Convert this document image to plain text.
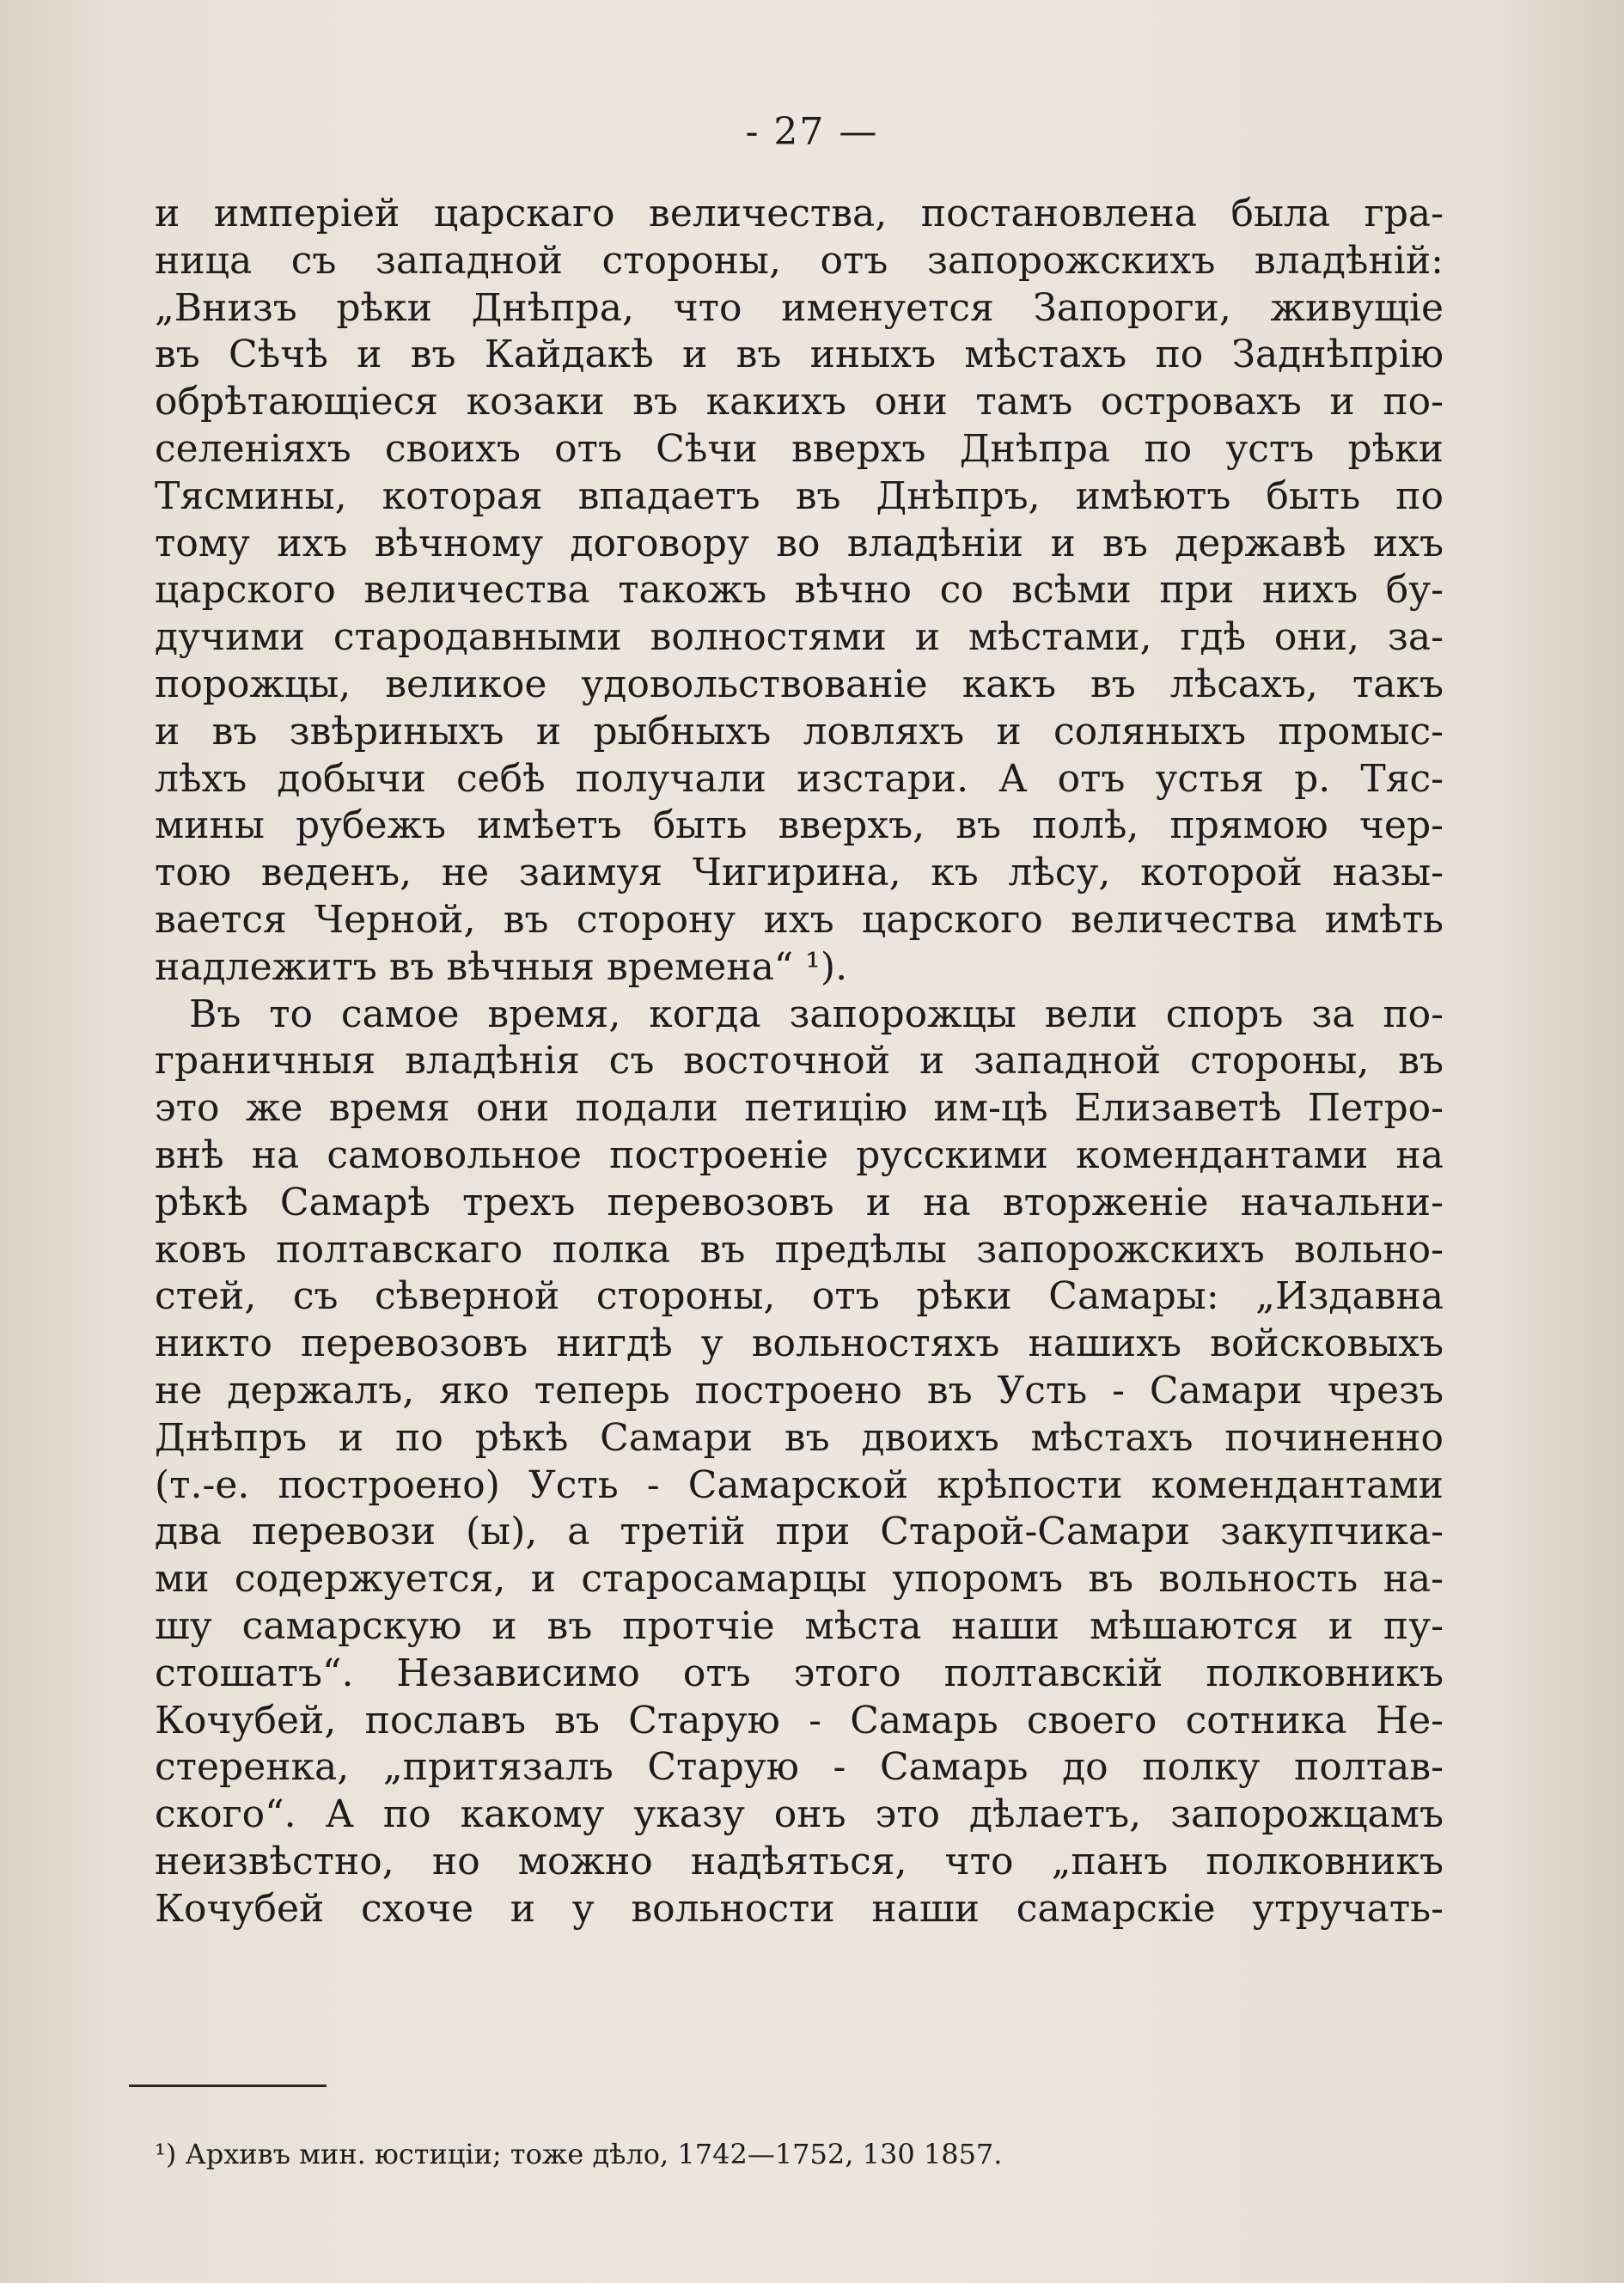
- 27 —
и имперіей царскаго величества, постановлена была гра-
ница съ западной стороны, отъ запорожскихъ владѣній:
„Внизъ рѣки Днѣпра, что именуется Запороги, живущіе
въ Сѣчѣ и въ Кайдакѣ и въ иныхъ мѣстахъ по Заднѣпрію
обрѣтающіеся козаки въ какихъ они тамъ островахъ и по-
селеніяхъ своихъ отъ Сѣчи вверхъ Днѣпра по устъ рѣки
Тясмины, которая впадаетъ въ Днѣпръ, имѣютъ быть по
тому ихъ вѣчному договору во владѣніи и въ державѣ ихъ
царского величества такожъ вѣчно со всѣми при нихъ бу-
дучими стародавными волностями и мѣстами, гдѣ они, за-
порожцы, великое удовольствованіе какъ въ лѣсахъ, такъ
и въ звѣриныхъ и рыбныхъ ловляхъ и соляныхъ промыс-
лѣхъ добычи себѣ получали изстари. А отъ устья р. Тяс-
мины рубежъ имѣетъ быть вверхъ, въ полѣ, прямою чер-
тою веденъ, не заимуя Чигирина, къ лѣсу, которой назы-
вается Черной, въ сторону ихъ царского величества имѣть
надлежитъ въ вѣчныя времена“ ¹).
Въ то самое время, когда запорожцы вели споръ за по-
граничныя владѣнія съ восточной и западной стороны, въ
это же время они подали петицію им-цѣ Елизаветѣ Петро-
внѣ на самовольное построеніе русскими комендантами на
рѣкѣ Самарѣ трехъ перевозовъ и на вторженіе начальни-
ковъ полтавскаго полка въ предѣлы запорожскихъ вольно-
стей, съ сѣверной стороны, отъ рѣки Самары: „Издавна
никто перевозовъ нигдѣ у вольностяхъ нашихъ войсковыхъ
не держалъ, яко теперь построено въ Усть - Самари чрезъ
Днѣпръ и по рѣкѣ Самари въ двоихъ мѣстахъ починенно
(т.-е. построено) Усть - Самарской крѣпости комендантами
два перевози (ы), а третій при Старой-Самари закупчика-
ми содержуется, и старосамарцы упоромъ въ вольность на-
шу самарскую и въ протчіе мѣста наши мѣшаются и пу-
стошатъ“. Независимо отъ этого полтавскій полковникъ
Кочубей, пославъ въ Старую - Самарь своего сотника Не-
стеренка, „притязалъ Старую - Самарь до полку полтав-
ского“. А по какому указу онъ это дѣлаетъ, запорожцамъ
неизвѣстно, но можно надѣяться, что „панъ полковникъ
Кочубей схоче и у вольности наши самарскіе утручать-
¹) Архивъ мин. юстиціи; тоже дѣло, 1742—1752, 130 1857.
